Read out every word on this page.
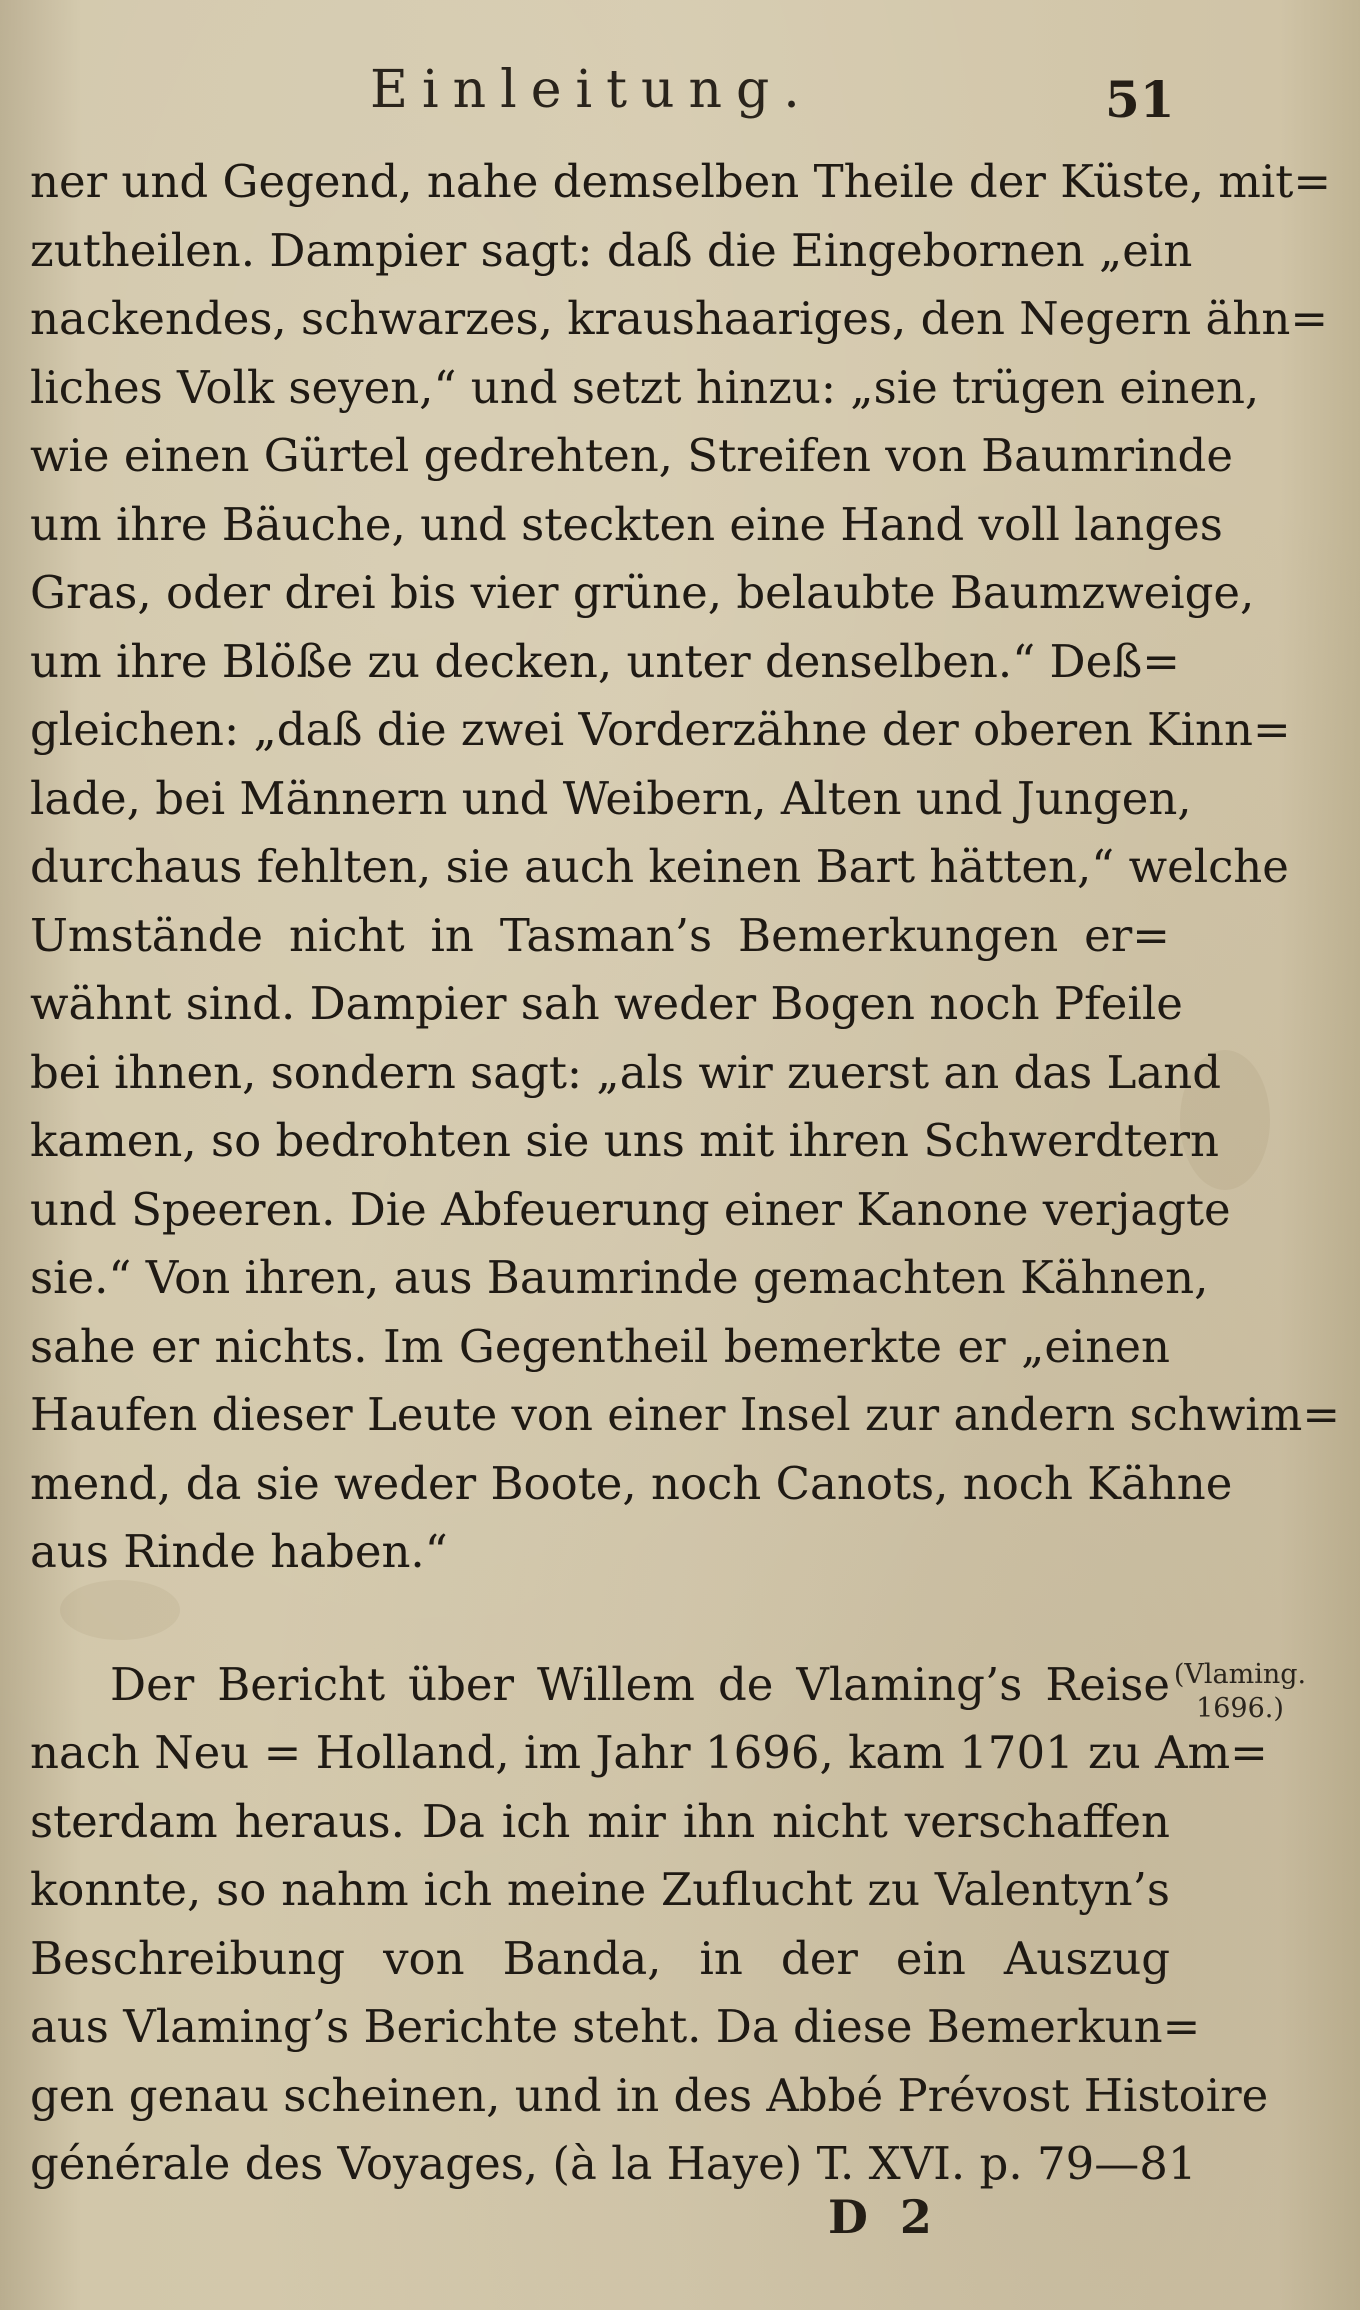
Einleitung.	51
ner und Gegend, nahe demselben Theile der Küste, mit=
zutheilen. Dampier sagt: daß die Eingebornen „ein
nackendes, schwarzes, kraushaariges, den Negern ähn=
liches Volk seyen,“ und setzt hinzu: „sie trügen einen,
wie einen Gürtel gedrehten, Streifen von Baumrinde
um ihre Bäuche, und steckten eine Hand voll langes
Gras, oder drei bis vier grüne, belaubte Baumzweige,
um ihre Blöße zu decken, unter denselben.“ Deß=
gleichen: „daß die zwei Vorderzähne der oberen Kinn=
lade, bei Männern und Weibern, Alten und Jungen,
durchaus fehlten, sie auch keinen Bart hätten,“ welche
Umstände nicht in Tasman’s Bemerkungen er=
wähnt sind. Dampier sah weder Bogen noch Pfeile
bei ihnen, sondern sagt: „als wir zuerst an das Land
kamen, so bedrohten sie uns mit ihren Schwerdtern
und Speeren. Die Abfeuerung einer Kanone verjagte
sie.“ Von ihren, aus Baumrinde gemachten Kähnen,
sahe er nichts. Im Gegentheil bemerkte er „einen
Haufen dieser Leute von einer Insel zur andern schwim=
mend, da sie weder Boote, noch Canots, noch Kähne
aus Rinde haben.“
Der Bericht über Willem de Vlaming’s Reise
nach Neu = Holland, im Jahr 1696, kam 1701 zu Am=
sterdam heraus. Da ich mir ihn nicht verschaffen
konnte, so nahm ich meine Zuflucht zu Valentyn’s
Beschreibung von Banda, in der ein Auszug
aus Vlaming’s Berichte steht. Da diese Bemerkun=
gen genau scheinen, und in des Abbé Prévost Histoire
générale des Voyages, (à la Haye) T. XVI. p. 79—81
(Vlaming.
1696.)
D 2
